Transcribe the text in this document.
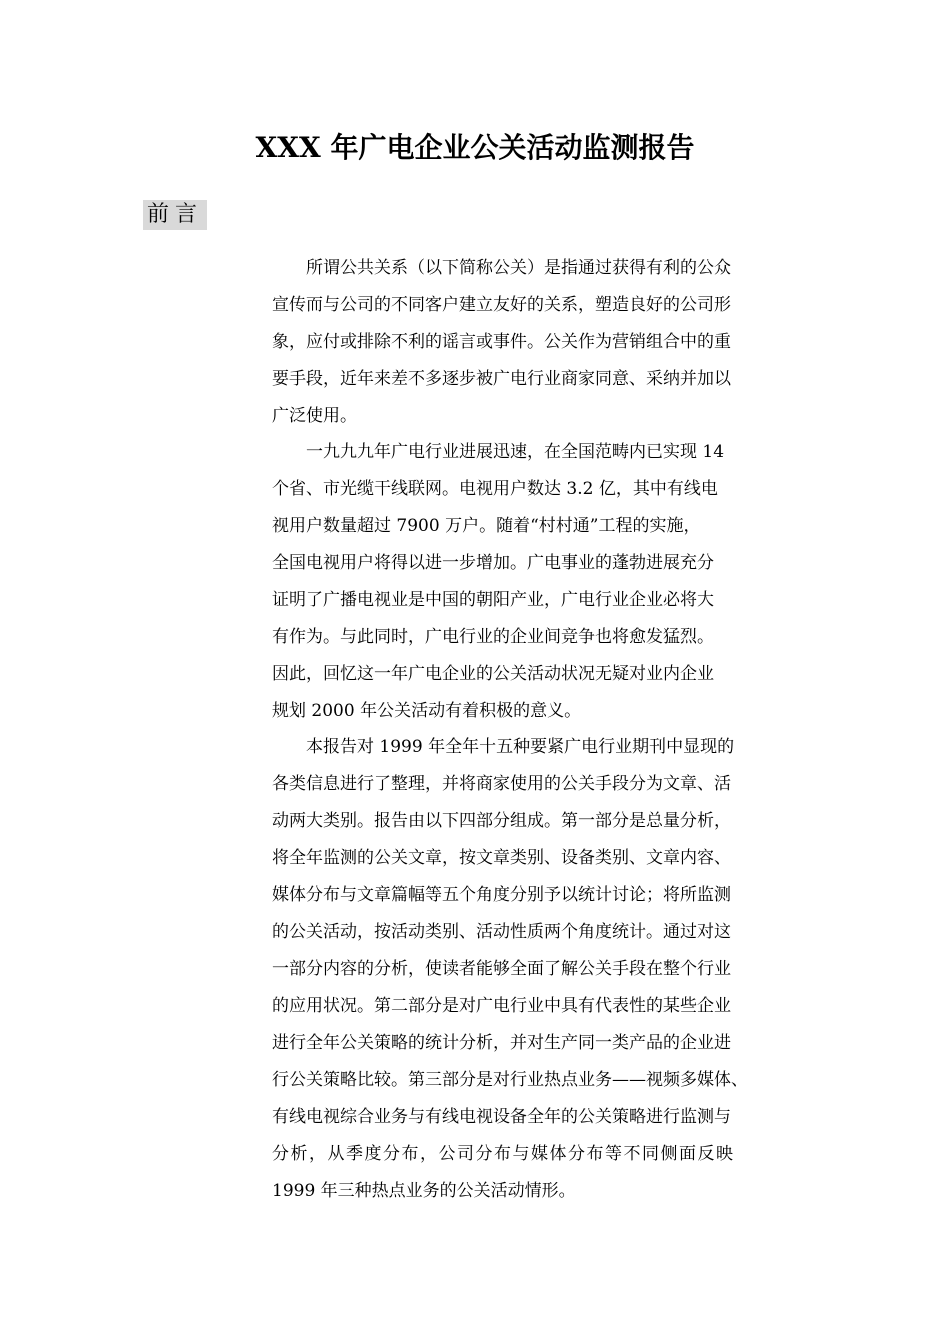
XXX 年广电企业公关活动监测报告
前言
所谓公共关系（以下简称公关）是指通过获得有利的公众
宣传而与公司的不同客户建立友好的关系，塑造良好的公司形
象，应付或排除不利的谣言或事件。公关作为营销组合中的重
要手段，近年来差不多逐步被广电行业商家同意、采纳并加以
广泛使用。
一九九九年广电行业进展迅速，在全国范畴内已实现 14
个省、市光缆干线联网。电视用户数达 3.2 亿，其中有线电
视用户数量超过 7900 万户。随着“村村通”工程的实施，
全国电视用户将得以进一步增加。广电事业的蓬勃进展充分
证明了广播电视业是中国的朝阳产业，广电行业企业必将大
有作为。与此同时，广电行业的企业间竞争也将愈发猛烈。
因此，回忆这一年广电企业的公关活动状况无疑对业内企业
规划 2000 年公关活动有着积极的意义。
本报告对 1999 年全年十五种要紧广电行业期刊中显现的
各类信息进行了整理，并将商家使用的公关手段分为文章、活
动两大类别。报告由以下四部分组成。第一部分是总量分析，
将全年监测的公关文章，按文章类别、设备类别、文章内容、
媒体分布与文章篇幅等五个角度分别予以统计讨论；将所监测
的公关活动，按活动类别、活动性质两个角度统计。通过对这
一部分内容的分析，使读者能够全面了解公关手段在整个行业
的应用状况。第二部分是对广电行业中具有代表性的某些企业
进行全年公关策略的统计分析，并对生产同一类产品的企业进
行公关策略比较。第三部分是对行业热点业务——视频多媒体、
有线电视综合业务与有线电视设备全年的公关策略进行监测与
分析，从季度分布，公司分布与媒体分布等不同侧面反映
1999 年三种热点业务的公关活动情形。
